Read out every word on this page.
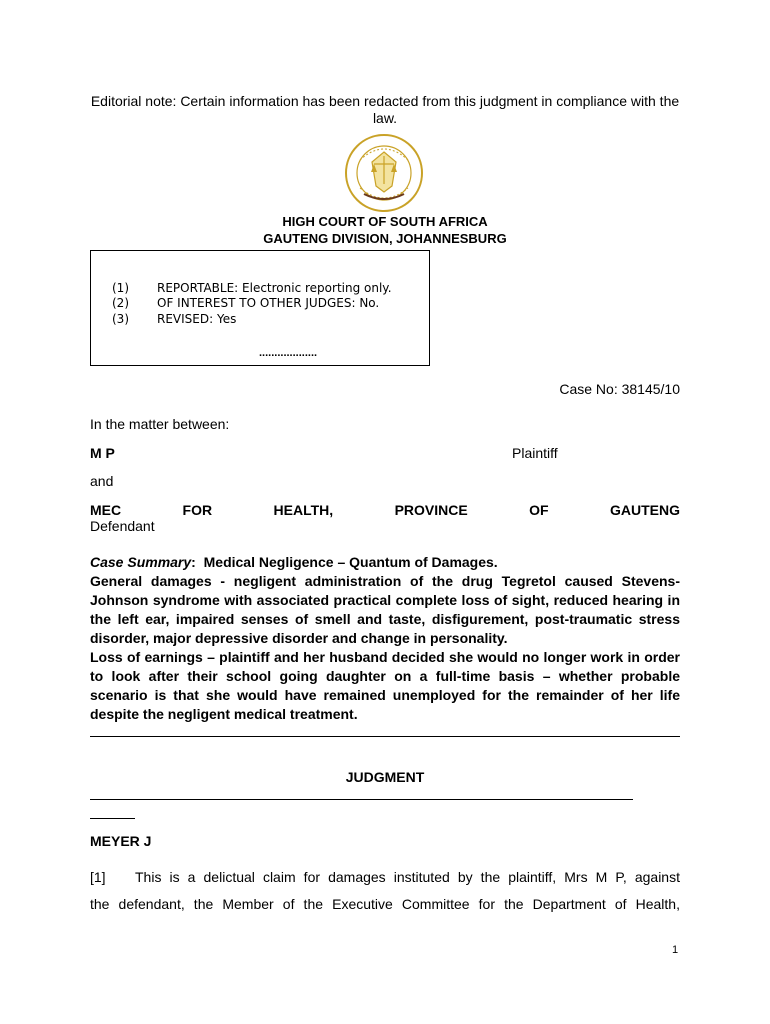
Editorial note: Certain information has been redacted from this judgment in compliance with the law.
HIGH COURT OF SOUTH AFRICA
GAUTENG DIVISION, JOHANNESBURG
(1) REPORTABLE: Electronic reporting only.
(2) OF INTEREST TO OTHER JUDGES: No.
(3) REVISED: Yes
...................
Case No: 38145/10
In the matter between:
M P	Plaintiff
and
MEC	FOR	HEALTH,	PROVINCE	OF	GAUTENG
Defendant

Case Summary:  Medical Negligence – Quantum of Damages.

General damages - negligent administration of the drug Tegretol caused Stevens-Johnson syndrome with associated practical complete loss of sight, reduced hearing in the left ear, impaired senses of smell and taste, disfigurement, post-traumatic stress disorder, major depressive disorder and change in personality.

Loss of earnings – plaintiff and her husband decided she would no longer work in order to look after their school going daughter on a full-time basis – whether probable scenario is that she would have remained unemployed for the remainder of her life despite the negligent medical treatment.

JUDGMENT
MEYER J
[1] This is a delictual claim for damages instituted by the plaintiff, Mrs M P, against
the defendant, the Member of the Executive Committee for the Department of Health,
1
